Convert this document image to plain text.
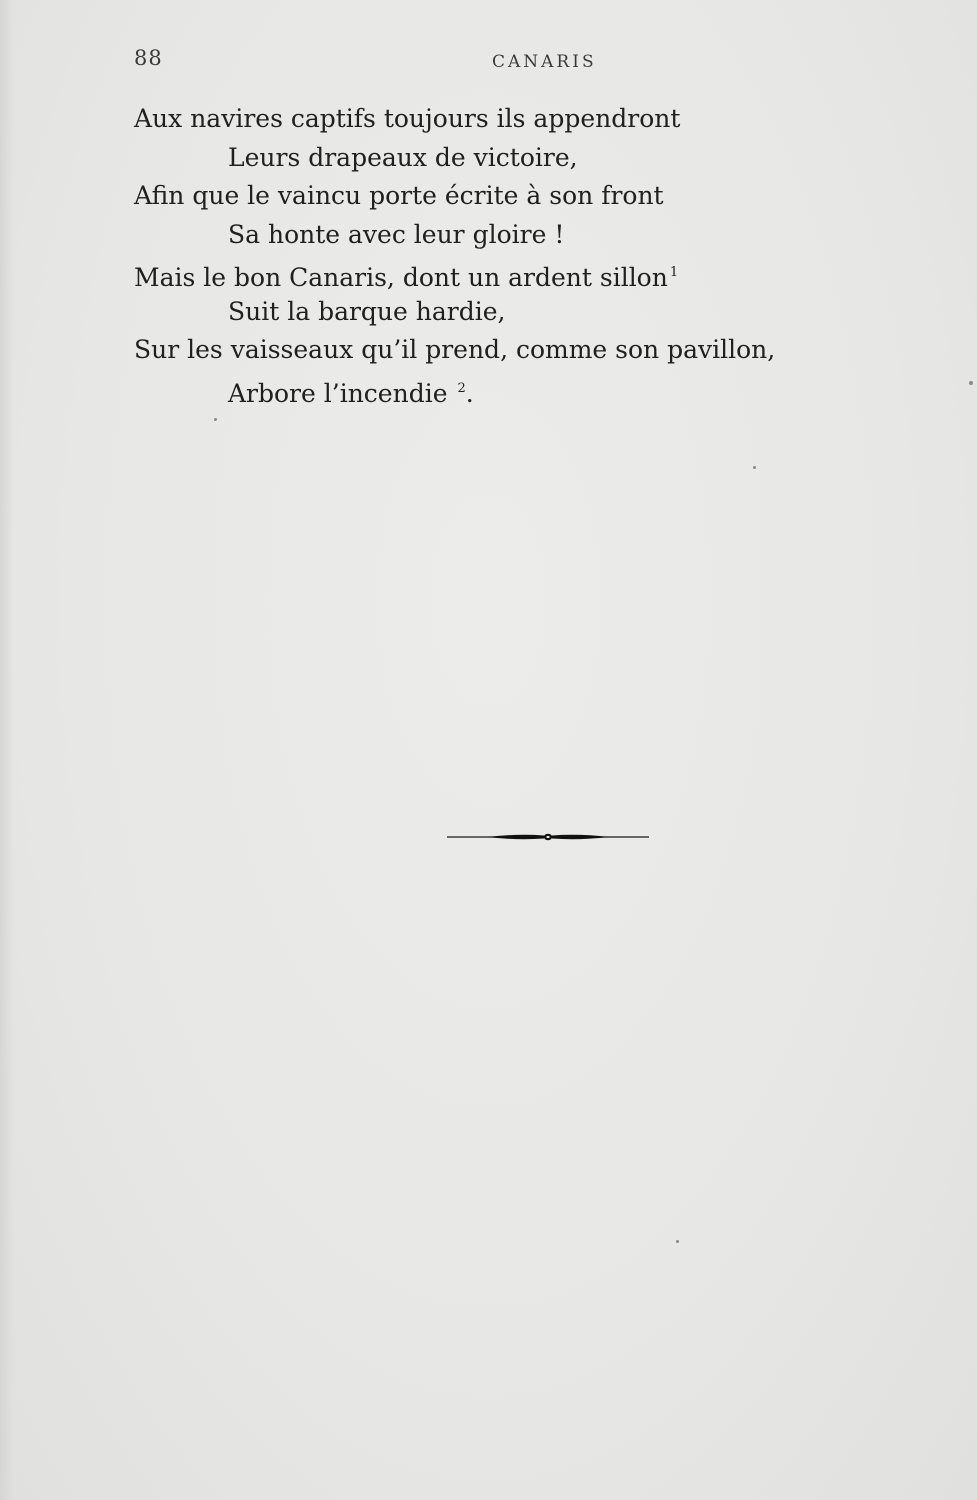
88	CANARIS
Aux navires captifs toujours ils appendront
Leurs drapeaux de victoire,
Afin que le vaincu porte écrite à son front
Sa honte avec leur gloire !
Mais le bon Canaris, dont un ardent sillon $^1$
Suit la barque hardie,
Sur les vaisseaux qu’il prend, comme son pavillon,
Arbore l’incendie $^2$.
